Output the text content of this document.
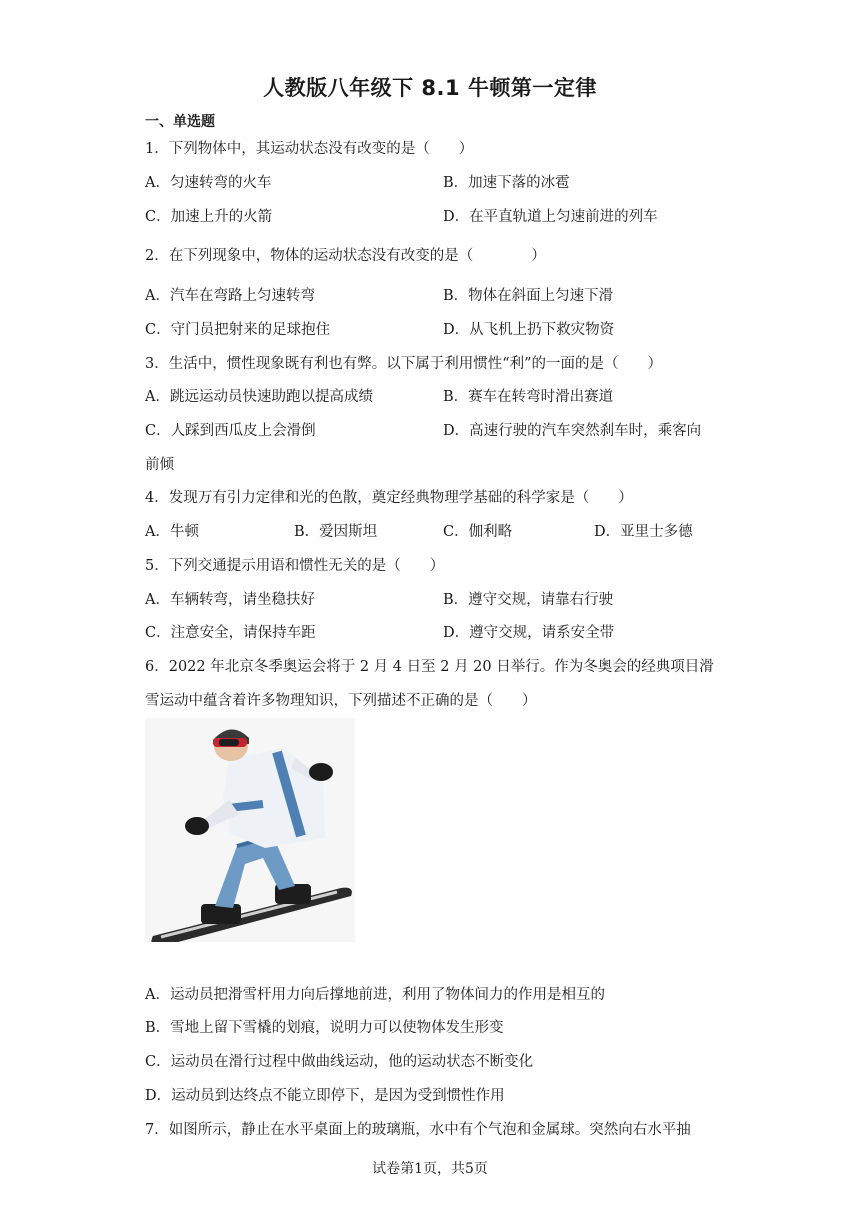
人教版八年级下 8.1 牛顿第一定律
一、单选题
1．下列物体中，其运动状态没有改变的是（　　）
A．匀速转弯的火车	B．加速下落的冰雹
C．加速上升的火箭	D．在平直轨道上匀速前进的列车
2．在下列现象中，物体的运动状态没有改变的是（　　　　）
A．汽车在弯路上匀速转弯	B．物体在斜面上匀速下滑
C．守门员把射来的足球抱住	D．从飞机上扔下救灾物资
3．生活中，惯性现象既有利也有弊。以下属于利用惯性“利”的一面的是（　　）
A．跳远运动员快速助跑以提高成绩	B．赛车在转弯时滑出赛道
C．人踩到西瓜皮上会滑倒	D．高速行驶的汽车突然刹车时，乘客向
前倾
4．发现万有引力定律和光的色散，奠定经典物理学基础的科学家是（　　）
A．牛顿	B．爱因斯坦	C．伽利略	D．亚里士多德
5．下列交通提示用语和惯性无关的是（　　）
A．车辆转弯，请坐稳扶好	B．遵守交规，请靠右行驶
C．注意安全，请保持车距	D．遵守交规，请系安全带
6．2022 年北京冬季奥运会将于 2 月 4 日至 2 月 20 日举行。作为冬奥会的经典项目滑
雪运动中蕴含着许多物理知识，下列描述不正确的是（　　）
A．运动员把滑雪杆用力向后撑地前进，利用了物体间力的作用是相互的
B．雪地上留下雪橇的划痕，说明力可以使物体发生形变
C．运动员在滑行过程中做曲线运动，他的运动状态不断变化
D．运动员到达终点不能立即停下，是因为受到惯性作用
7．如图所示，静止在水平桌面上的玻璃瓶，水中有个气泡和金属球。突然向右水平抽
试卷第1页，共5页
